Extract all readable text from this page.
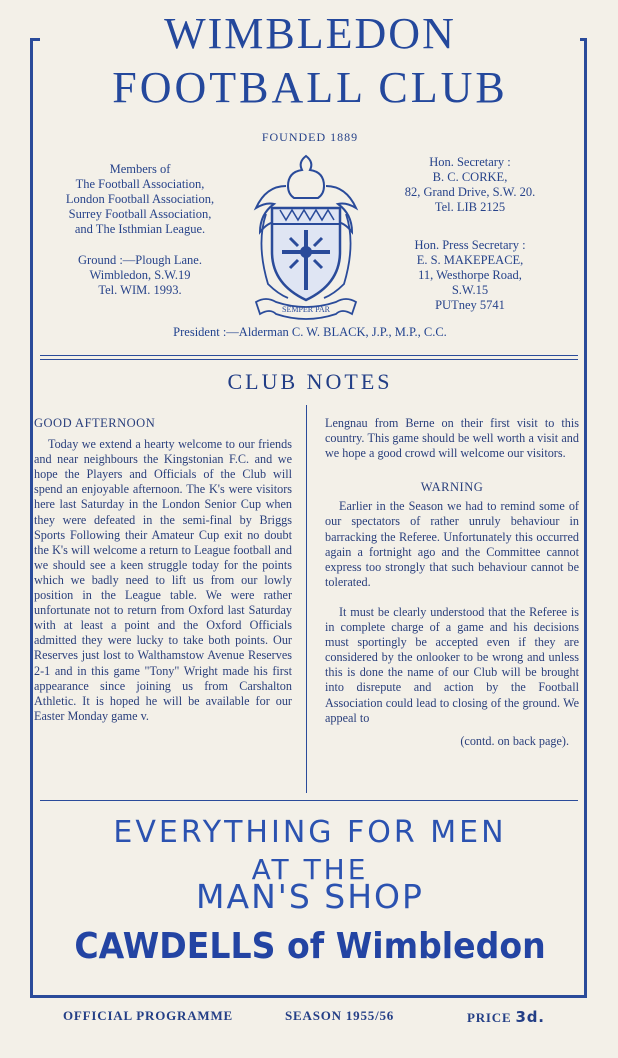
WIMBLEDON
FOOTBALL CLUB
FOUNDED 1889
Members of
The Football Association,
London Football Association,
Surrey Football Association,
and The Isthmian League.
Ground :—Plough Lane.
Wimbledon, S.W.19
Tel. WIM. 1993.
Hon. Secretary :
B. C. CORKE,
82, Grand Drive, S.W. 20.
Tel. LIB 2125
Hon. Press Secretary :
E. S. MAKEPEACE,
11, Westhorpe Road,
S.W.15
PUTney 5741
SEMPER PAR
President :—Alderman C. W. BLACK, J.P., M.P., C.C.
CLUB NOTES
GOOD AFTERNOON
Today we extend a hearty welcome to our friends and near neighbours the Kingstonian F.C. and we hope the Players and Officials of the Club will spend an enjoyable afternoon. The K's were visitors here last Saturday in the London Senior Cup when they were defeated in the semi-final by Briggs Sports Following their Amateur Cup exit no doubt the K's will welcome a return to League football and we should see a keen struggle today for the points which we badly need to lift us from our lowly position in the League table. We were rather unfortunate not to return from Oxford last Saturday with at least a point and the Oxford Officials admitted they were lucky to take both points. Our Reserves just lost to Walthamstow Avenue Reserves 2-1 and in this game "Tony" Wright made his first appearance since joining us from Carshalton Athletic. It is hoped he will be available for our Easter Monday game v.
Lengnau from Berne on their first visit to this country. This game should be well worth a visit and we hope a good crowd will welcome our visitors.
WARNING
Earlier in the Season we had to remind some of our spectators of rather unruly behaviour in barracking the Referee. Unfortunately this occurred again a fortnight ago and the Committee cannot express too strongly that such behaviour cannot be tolerated.
It must be clearly understood that the Referee is in complete charge of a game and his decisions must sportingly be accepted even if they are considered by the onlooker to be wrong and unless this is done the name of our Club will be brought into disrepute and action by the Football Association could lead to closing of the ground. We appeal to
(contd. on back page).
EVERYTHING FOR MEN
AT THE
MAN'S SHOP
CAWDELLS of Wimbledon
OFFICIAL PROGRAMME	SEASON 1955/56	PRICE 3d.
